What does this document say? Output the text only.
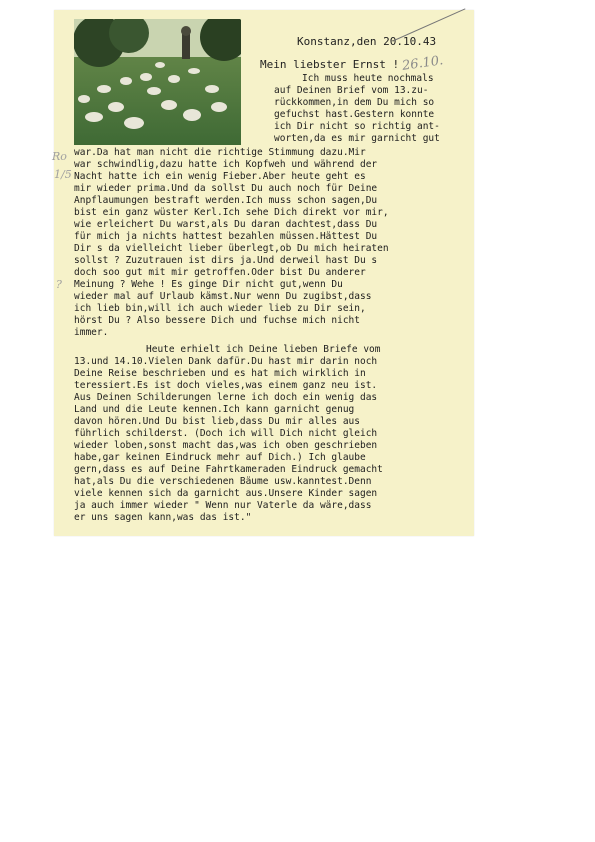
Konstanz,den 20.10.43
Mein liebster Ernst ! 26.10.
Ro
1/5
?
Ich muss heute nochmals
auf Deinen Brief vom 13.zu-
rückkommen,in dem Du mich so
gefuchst hast.Gestern konnte
ich Dir nicht so richtig ant-
worten,da es mir garnicht gut
war.Da hat man nicht die richtige Stimmung dazu.Mir
war schwindlig,dazu hatte ich Kopfweh und während der
Nacht hatte ich ein wenig Fieber.Aber heute geht es
mir wieder prima.Und da sollst Du auch noch für Deine
Anpflaumungen bestraft werden.Ich muss schon sagen,Du
bist ein ganz wüster Kerl.Ich sehe Dich direkt vor mir,
wie erleichert Du warst,als Du daran dachtest,dass Du
für mich ja nichts hattest bezahlen müssen.Hättest Du
Dir s da vielleicht lieber überlegt,ob Du mich heiraten
sollst ? Zuzutrauen ist dirs ja.Und derweil hast Du s
doch soo gut mit mir getroffen.Oder bist Du anderer
Meinung ? Wehe ! Es ginge Dir nicht gut,wenn Du
wieder mal auf Urlaub kämst.Nur wenn Du zugibst,dass
ich lieb bin,will ich auch wieder lieb zu Dir sein,
hörst Du ? Also bessere Dich und fuchse mich nicht
immer.
Heute erhielt ich Deine lieben Briefe vom
13.und 14.10.Vielen Dank dafür.Du hast mir darin noch
Deine Reise beschrieben und es hat mich wirklich in
teressiert.Es ist doch vieles,was einem ganz neu ist.
Aus Deinen Schilderungen lerne ich doch ein wenig das
Land und die Leute kennen.Ich kann garnicht genug
davon hören.Und Du bist lieb,dass Du mir alles aus
führlich schilderst. (Doch ich will Dich nicht gleich
wieder loben,sonst macht das,was ich oben geschrieben
habe,gar keinen Eindruck mehr auf Dich.) Ich glaube
gern,dass es auf Deine Fahrtkameraden Eindruck gemacht
hat,als Du die verschiedenen Bäume usw.kanntest.Denn
viele kennen sich da garnicht aus.Unsere Kinder sagen
ja auch immer wieder " Wenn nur Vaterle da wäre,dass
er uns sagen kann,was das ist."
